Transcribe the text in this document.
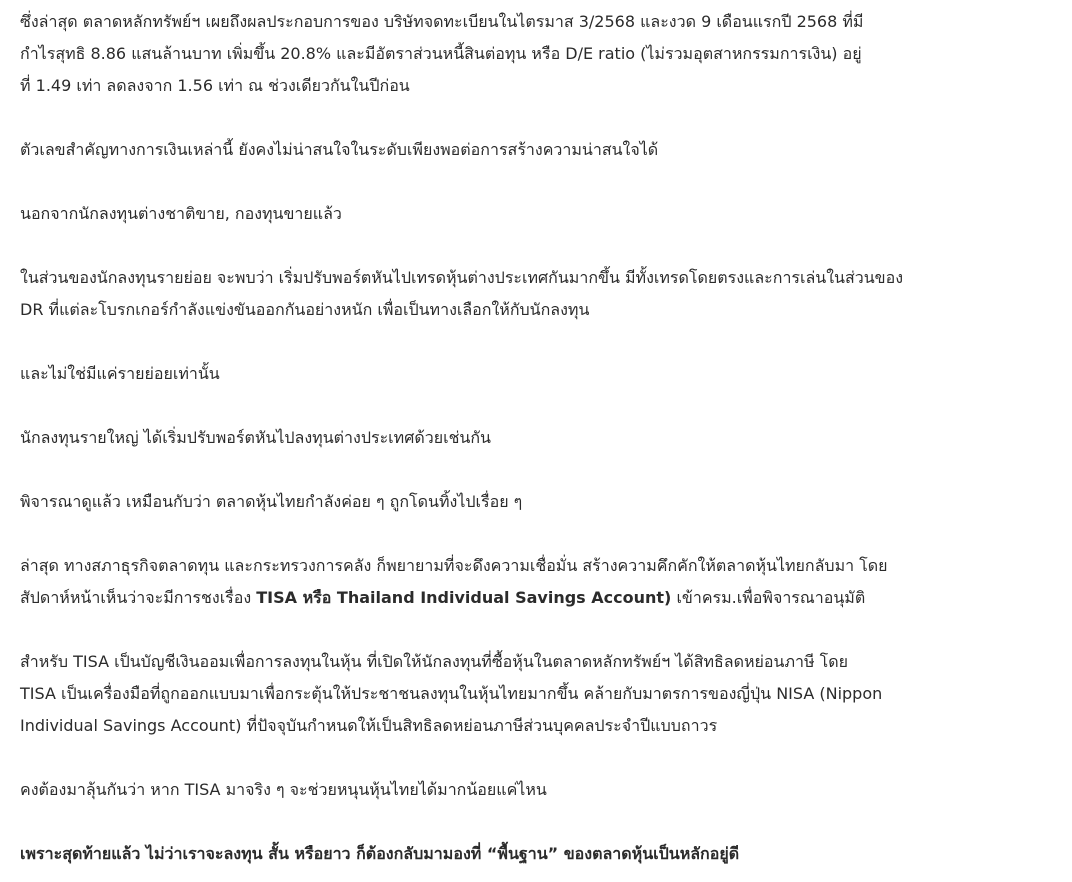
ซึ่งล่าสุด ตลาดหลักทรัพย์ฯ เผยถึงผลประกอบการของ บริษัทจดทะเบียนในไตรมาส 3/2568 และงวด 9 เดือนแรกปี 2568 ที่มี
กำไรสุทธิ 8.86 แสนล้านบาท เพิ่มขึ้น 20.8% และมีอัตราส่วนหนี้สินต่อทุน หรือ D/E ratio (ไม่รวมอุตสาหกรรมการเงิน) อยู่
ที่ 1.49 เท่า ลดลงจาก 1.56 เท่า ณ ช่วงเดียวกันในปีก่อน

ตัวเลขสำคัญทางการเงินเหล่านี้ ยังคงไม่น่าสนใจในระดับเพียงพอต่อการสร้างความน่าสนใจได้

นอกจากนักลงทุนต่างชาติขาย, กองทุนขายแล้ว

ในส่วนของนักลงทุนรายย่อย จะพบว่า เริ่มปรับพอร์ตหันไปเทรดหุ้นต่างประเทศกันมากขึ้น มีทั้งเทรดโดยตรงและการเล่นในส่วนของ
DR ที่แต่ละโบรกเกอร์กำลังแข่งขันออกกันอย่างหนัก เพื่อเป็นทางเลือกให้กับนักลงทุน

และไม่ใช่มีแค่รายย่อยเท่านั้น

นักลงทุนรายใหญ่ ได้เริ่มปรับพอร์ตหันไปลงทุนต่างประเทศด้วยเช่นกัน

พิจารณาดูแล้ว เหมือนกับว่า ตลาดหุ้นไทยกำลังค่อย ๆ ถูกโดนทิ้งไปเรื่อย ๆ

ล่าสุด ทางสภาธุรกิจตลาดทุน และกระทรวงการคลัง ก็พยายามที่จะดึงความเชื่อมั่น สร้างความคึกคักให้ตลาดหุ้นไทยกลับมา โดย
สัปดาห์หน้าเห็นว่าจะมีการชงเรื่อง TISA หรือ Thailand Individual Savings Account) เข้าครม.เพื่อพิจารณาอนุมัติ

สำหรับ TISA เป็นบัญชีเงินออมเพื่อการลงทุนในหุ้น ที่เปิดให้นักลงทุนที่ซื้อหุ้นในตลาดหลักทรัพย์ฯ ได้สิทธิลดหย่อนภาษี โดย
TISA เป็นเครื่องมือที่ถูกออกแบบมาเพื่อกระตุ้นให้ประชาชนลงทุนในหุ้นไทยมากขึ้น คล้ายกับมาตรการของญี่ปุ่น NISA (Nippon
Individual Savings Account) ที่ปัจจุบันกำหนดให้เป็นสิทธิลดหย่อนภาษีส่วนบุคคลประจำปีแบบถาวร

คงต้องมาลุ้นกันว่า หาก TISA มาจริง ๆ จะช่วยหนุนหุ้นไทยได้มากน้อยแค่ไหน

เพราะสุดท้ายแล้ว ไม่ว่าเราจะลงทุน สั้น หรือยาว ก็ต้องกลับมามองที่ “พื้นฐาน” ของตลาดหุ้นเป็นหลักอยู่ดี
